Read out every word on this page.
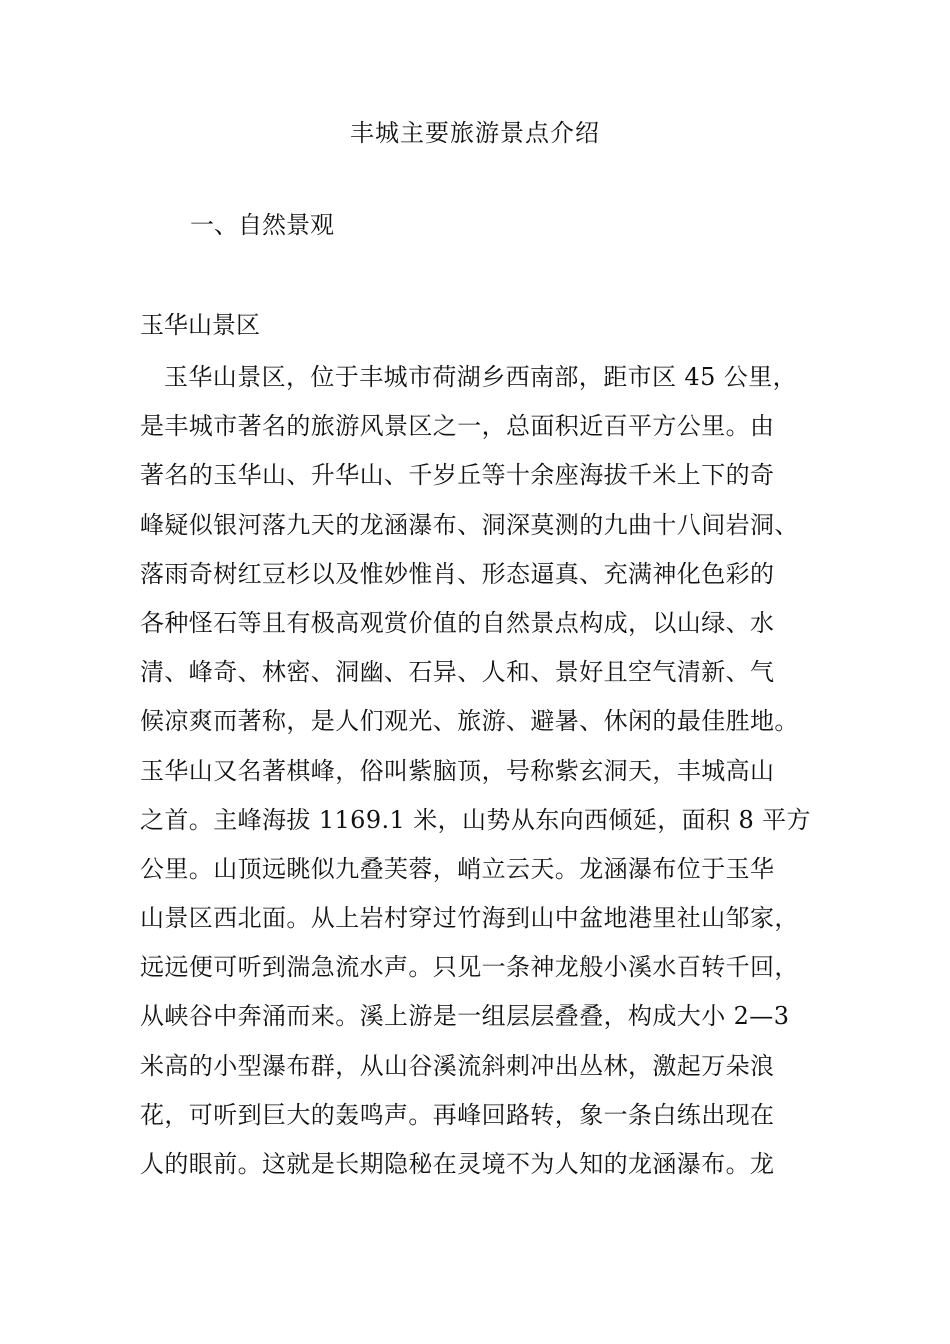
丰城主要旅游景点介绍
一、自然景观
玉华山景区
玉华山景区，位于丰城市荷湖乡西南部，距市区 45 公里，
是丰城市著名的旅游风景区之一，总面积近百平方公里。由
著名的玉华山、升华山、千岁丘等十余座海拔千米上下的奇
峰疑似银河落九天的龙涵瀑布、洞深莫测的九曲十八间岩洞、
落雨奇树红豆杉以及惟妙惟肖、形态逼真、充满神化色彩的
各种怪石等且有极高观赏价值的自然景点构成，以山绿、水
清、峰奇、林密、洞幽、石异、人和、景好且空气清新、气
候凉爽而著称，是人们观光、旅游、避暑、休闲的最佳胜地。
玉华山又名著棋峰，俗叫紫脑顶，号称紫玄洞天，丰城高山
之首。主峰海拔 1169.1 米，山势从东向西倾延，面积 8 平方
公里。山顶远眺似九叠芙蓉，峭立云天。龙涵瀑布位于玉华
山景区西北面。从上岩村穿过竹海到山中盆地港里社山邹家，
远远便可听到湍急流水声。只见一条神龙般小溪水百转千回，
从峡谷中奔涌而来。溪上游是一组层层叠叠，构成大小 2—3
米高的小型瀑布群，从山谷溪流斜刺冲出丛林，激起万朵浪
花，可听到巨大的轰鸣声。再峰回路转，象一条白练出现在
人的眼前。这就是长期隐秘在灵境不为人知的龙涵瀑布。龙
